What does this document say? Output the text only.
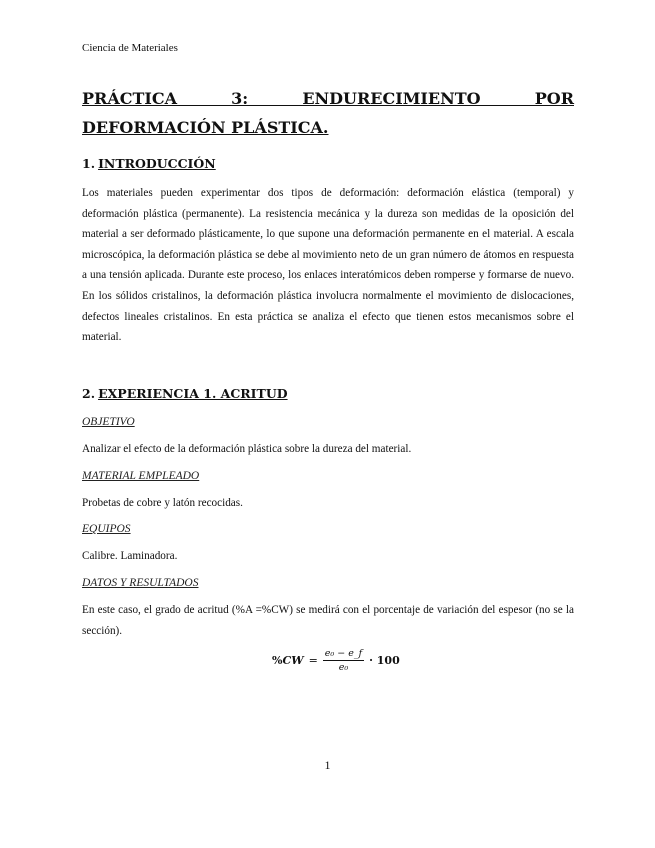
Ciencia de Materiales
PRÁCTICA 3: ENDURECIMIENTO POR DEFORMACIÓN PLÁSTICA.
1. INTRODUCCIÓN

Los materiales pueden experimentar dos tipos de deformación: deformación elástica (temporal) y deformación plástica (permanente). La resistencia mecánica y la dureza son medidas de la oposición del material a ser deformado plásticamente, lo que supone una deformación permanente en el material. A escala microscópica, la deformación plástica se debe al movimiento neto de un gran número de átomos en respuesta a una tensión aplicada. Durante este proceso, los enlaces interatómicos deben romperse y formarse de nuevo. En los sólidos cristalinos, la deformación plástica involucra normalmente el movimiento de dislocaciones, defectos lineales cristalinos. En esta práctica se analiza el efecto que tienen estos mecanismos sobre el material.

2. EXPERIENCIA 1. ACRITUD

OBJETIVO

Analizar el efecto de la deformación plástica sobre la dureza del material.

MATERIAL EMPLEADO

Probetas de cobre y latón recocidas.

EQUIPOS

Calibre. Laminadora.

DATOS Y RESULTADOS

En este caso, el grado de acritud (%A =%CW) se medirá con el porcentaje de variación del espesor (no se la sección).

$\%CW = \frac{\text{e₀ − e\_f}}{\text{e₀}} \cdot 100$
1
